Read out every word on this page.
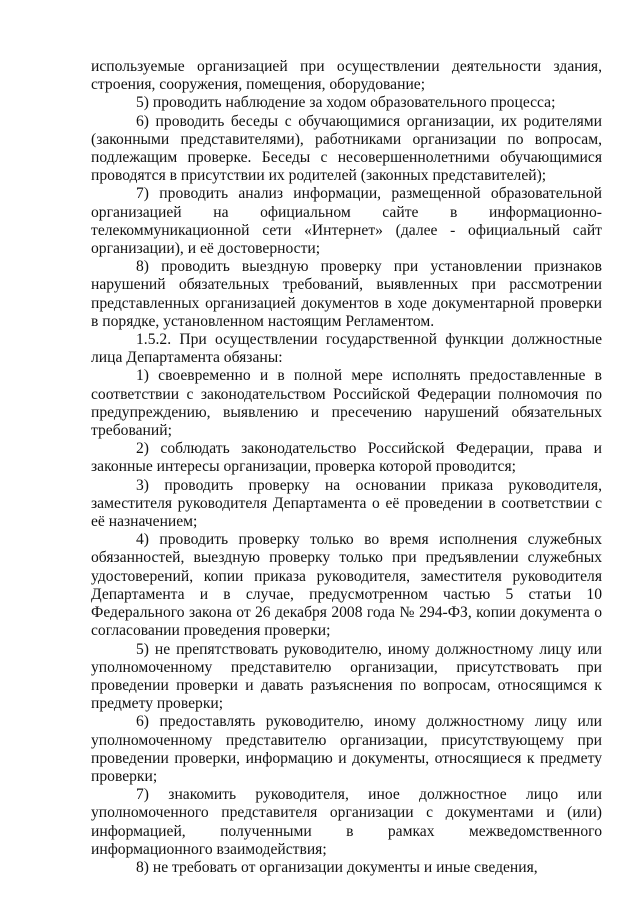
используемые организацией при осуществлении деятельности здания, строения, сооружения, помещения, оборудование;

5) проводить наблюдение за ходом образовательного процесса;

6) проводить беседы с обучающимися организации, их родителями (законными представителями), работниками организации по вопросам, подлежащим проверке. Беседы с несовершеннолетними обучающимися проводятся в присутствии их родителей (законных представителей);

7) проводить анализ информации, размещенной образовательной организацией на официальном сайте в информационно-телекоммуникационной сети «Интернет» (далее - официальный сайт организации), и её достоверности;

8) проводить выездную проверку при установлении признаков нарушений обязательных требований, выявленных при рассмотрении представленных организацией документов в ходе документарной проверки в порядке, установленном настоящим Регламентом.

1.5.2. При осуществлении государственной функции должностные лица Департамента обязаны:

1) своевременно и в полной мере исполнять предоставленные в соответствии с законодательством Российской Федерации полномочия по предупреждению, выявлению и пресечению нарушений обязательных требований;

2) соблюдать законодательство Российской Федерации, права и законные интересы организации, проверка которой проводится;

3) проводить проверку на основании приказа руководителя, заместителя руководителя Департамента о её проведении в соответствии с её назначением;

4) проводить проверку только во время исполнения служебных обязанностей, выездную проверку только при предъявлении служебных удостоверений, копии приказа руководителя, заместителя руководителя Департамента и в случае, предусмотренном частью 5 статьи 10 Федерального закона от 26 декабря 2008 года № 294-ФЗ, копии документа о согласовании проведения проверки;

5) не препятствовать руководителю, иному должностному лицу или уполномоченному представителю организации, присутствовать при проведении проверки и давать разъяснения по вопросам, относящимся к предмету проверки;

6) предоставлять руководителю, иному должностному лицу или уполномоченному представителю организации, присутствующему при проведении проверки, информацию и документы, относящиеся к предмету проверки;

7) знакомить руководителя, иное должностное лицо или уполномоченного представителя организации с документами и (или) информацией, полученными в рамках межведомственного информационного взаимодействия;

8) не требовать от организации документы и иные сведения,
